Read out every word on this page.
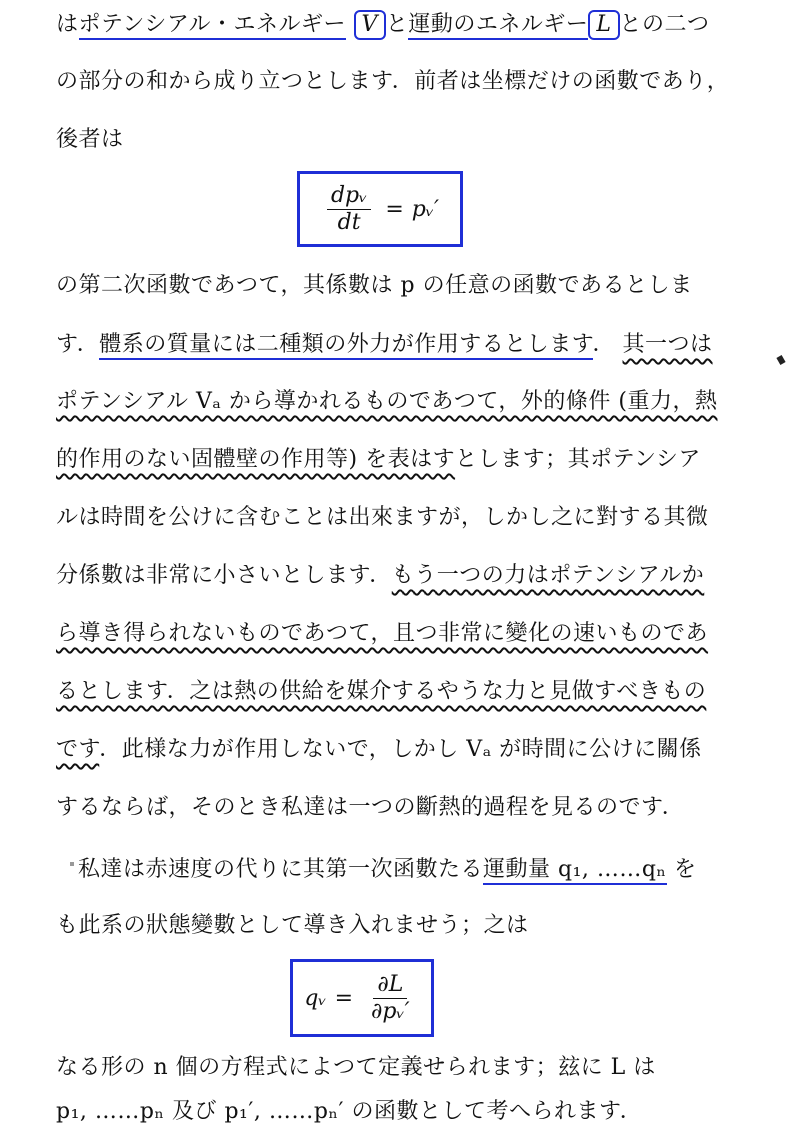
はポテンシアル・エネルギー V と運動のエネルギー L との二つ
の部分の和から成り立つとします．前者は坐標だけの函數であり，
後者は
$\frac{\text{dpᵥ}}{dt}$ = pᵥ′
の第二次函數であつて，其係數は p の任意の函數であるとしま
す．體系の質量には二種類の外力が作用するとします． 其一つは
ポテンシアル Vₐ から導かれるものであつて，外的條件 (重力，熱
的作用のない固體壁の作用等) を表はすとします；其ポテンシア
ルは時間を公けに含むことは出來ますが，しかし之に對する其微
分係數は非常に小さいとします．もう一つの力はポテンシアルか
ら導き得られないものであつて，且つ非常に變化の速いものであ
るとします．之は熱の供給を媒介するやうな力と見做すべきもの
です．此様な力が作用しないで，しかし Vₐ が時間に公けに關係
するならば，そのとき私達は一つの斷熱的過程を見るのです．
私達は赤速度の代りに其第一次函數たる運動量 q₁, ……qₙ を
も此系の狀態變數として導き入れませう；之は
qᵥ = $\frac{\partial L}{\text{∂pᵥ′}}$
なる形の n 個の方程式によつて定義せられます；玆に L は
p₁, ……pₙ 及び p₁′, ……pₙ′ の函數として考へられます．
